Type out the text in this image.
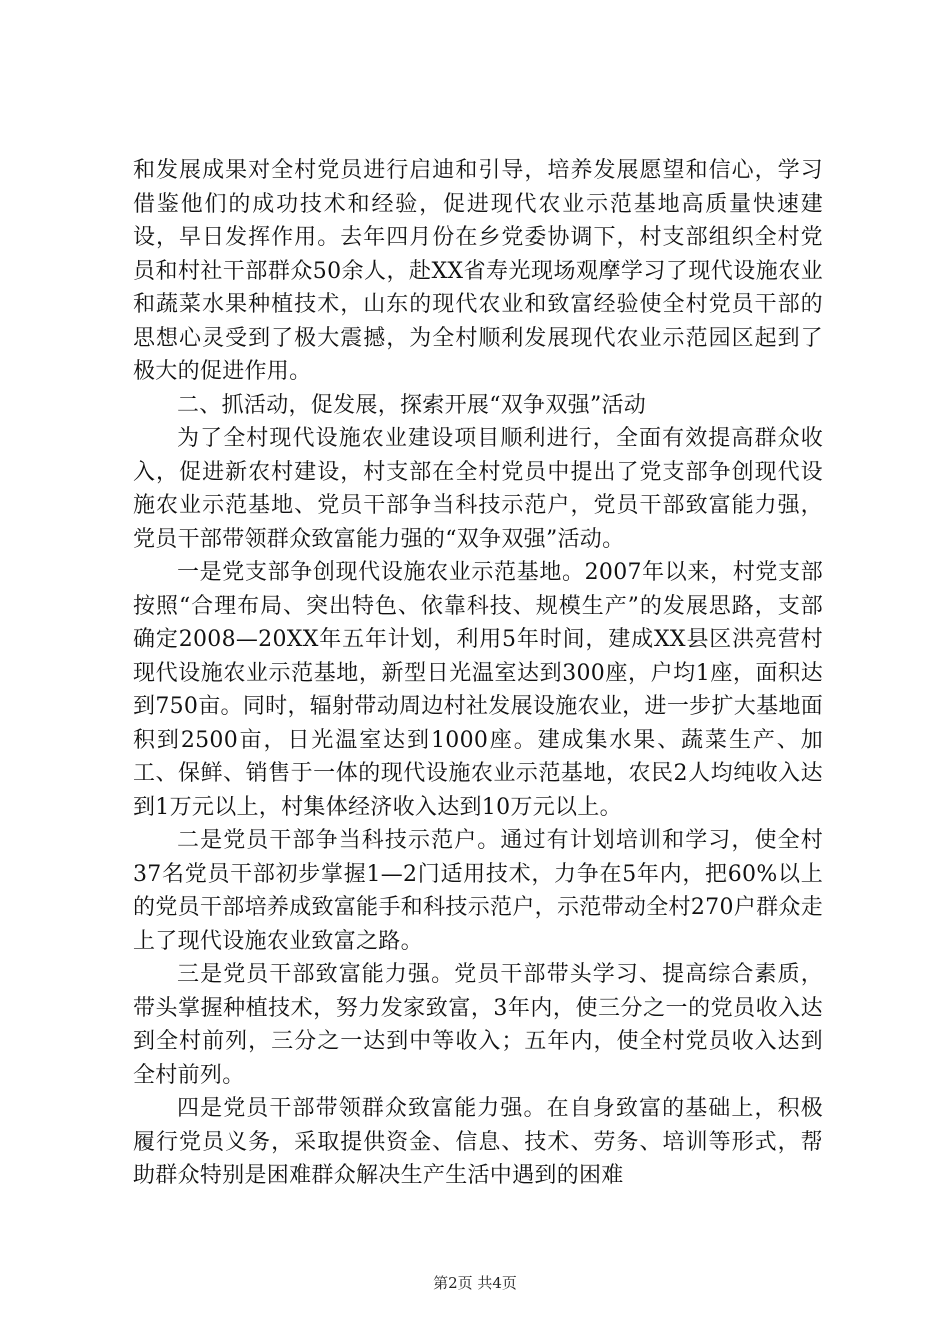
和发展成果对全村党员进行启迪和引导，培养发展愿望和信心，学习借鉴他们的成功技术和经验，促进现代农业示范基地高质量快速建设，早日发挥作用。去年四月份在乡党委协调下，村支部组织全村党员和村社干部群众50余人，赴XX省寿光现场观摩学习了现代设施农业和蔬菜水果种植技术，山东的现代农业和致富经验使全村党员干部的思想心灵受到了极大震撼，为全村顺利发展现代农业示范园区起到了极大的促进作用。

二、抓活动，促发展，探索开展“双争双强”活动

为了全村现代设施农业建设项目顺利进行，全面有效提高群众收入，促进新农村建设，村支部在全村党员中提出了党支部争创现代设施农业示范基地、党员干部争当科技示范户，党员干部致富能力强，党员干部带领群众致富能力强的“双争双强”活动。

一是党支部争创现代设施农业示范基地。2007年以来，村党支部按照“合理布局、突出特色、依靠科技、规模生产”的发展思路，支部确定2008—20XX年五年计划，利用5年时间，建成XX县区洪亮营村现代设施农业示范基地，新型日光温室达到300座，户均1座，面积达到750亩。同时，辐射带动周边村社发展设施农业，进一步扩大基地面积到2500亩，日光温室达到1000座。建成集水果、蔬菜生产、加工、保鲜、销售于一体的现代设施农业示范基地，农民2人均纯收入达到1万元以上，村集体经济收入达到10万元以上。

二是党员干部争当科技示范户。通过有计划培训和学习，使全村37名党员干部初步掌握1—2门适用技术，力争在5年内，把60%以上的党员干部培养成致富能手和科技示范户，示范带动全村270户群众走上了现代设施农业致富之路。

三是党员干部致富能力强。党员干部带头学习、提高综合素质，带头掌握种植技术，努力发家致富，3年内，使三分之一的党员收入达到全村前列，三分之一达到中等收入；五年内，使全村党员收入达到全村前列。

四是党员干部带领群众致富能力强。在自身致富的基础上，积极履行党员义务，采取提供资金、信息、技术、劳务、培训等形式，帮助群众特别是困难群众解决生产生活中遇到的困难

第2页 共4页
